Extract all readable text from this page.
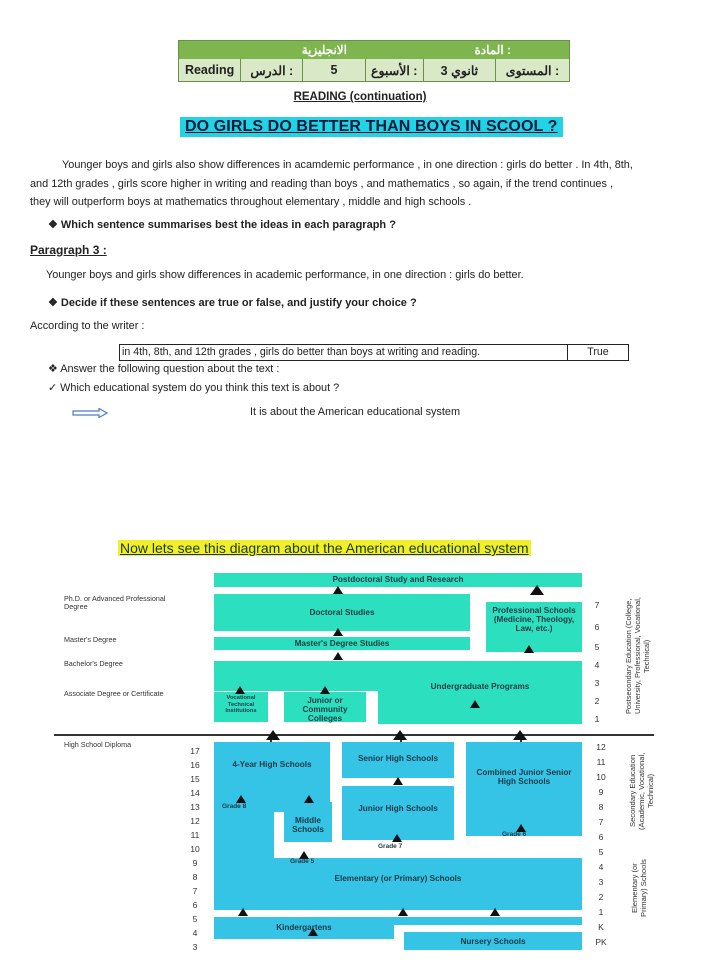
المادة :
الانجليزية
Reading	الدرس :	5	الأسبوع :	3 ثانوي	المستوى :
READING (continuation)
DO GIRLS DO BETTER THAN BOYS IN SCOOL ?
Younger boys and girls also show differences in acamdemic performance , in one direction : girls do better . In 4th, 8th,
and 12th grades , girls score higher in writing and reading than boys , and mathematics , so again, if the trend continues ,
they will outperform boys at mathematics throughout elementary , middle and high schools .
❖ Which sentence summarises best the ideas in each paragraph ?
Paragraph 3 :
Younger boys and girls show differences in academic performance, in one direction : girls do better.
❖ Decide if these sentences are true or false, and justify your choice ?
According to the writer :
in 4th, 8th, and 12th grades , girls do better than boys at writing and reading.	True
❖ Answer the following question about the text :
✓ Which educational system do you think this text is about ?
It is about the American educational system
Now lets see this diagram about the American educational system
Ph.D. or Advanced Professional Degree
Master's Degree
Bachelor's Degree
Associate Degree or Certificate
High School Diploma
Postdoctoral Study and Research
Doctoral Studies	Professional Schools (Medicine, Theology, Law, etc.)
Master's Degree Studies
Undergraduate Programs
Vocational Technical Institutions
Junior or Community Colleges
4-Year High Schools
Senior High Schools
Junior High Schools
Middle Schools
Combined Junior Senior High Schools
Elementary (or Primary) Schools
Kindergartens
Nursery Schools
Grade 8
Grade 6
Grade 5
Grade 7
17
16
15
14
13
12
11
10
9
8
7
6
5
4
3
7
6
5
4
3
2
1
12
11
10
9
8
7
6
5
4
3
2
1
K
PK
Postsecondary Education (College, University, Professional, Vocational, Technical)
Secondary Education (Academic, Vocational, Technical)
Elementary (or Primary) Schools
